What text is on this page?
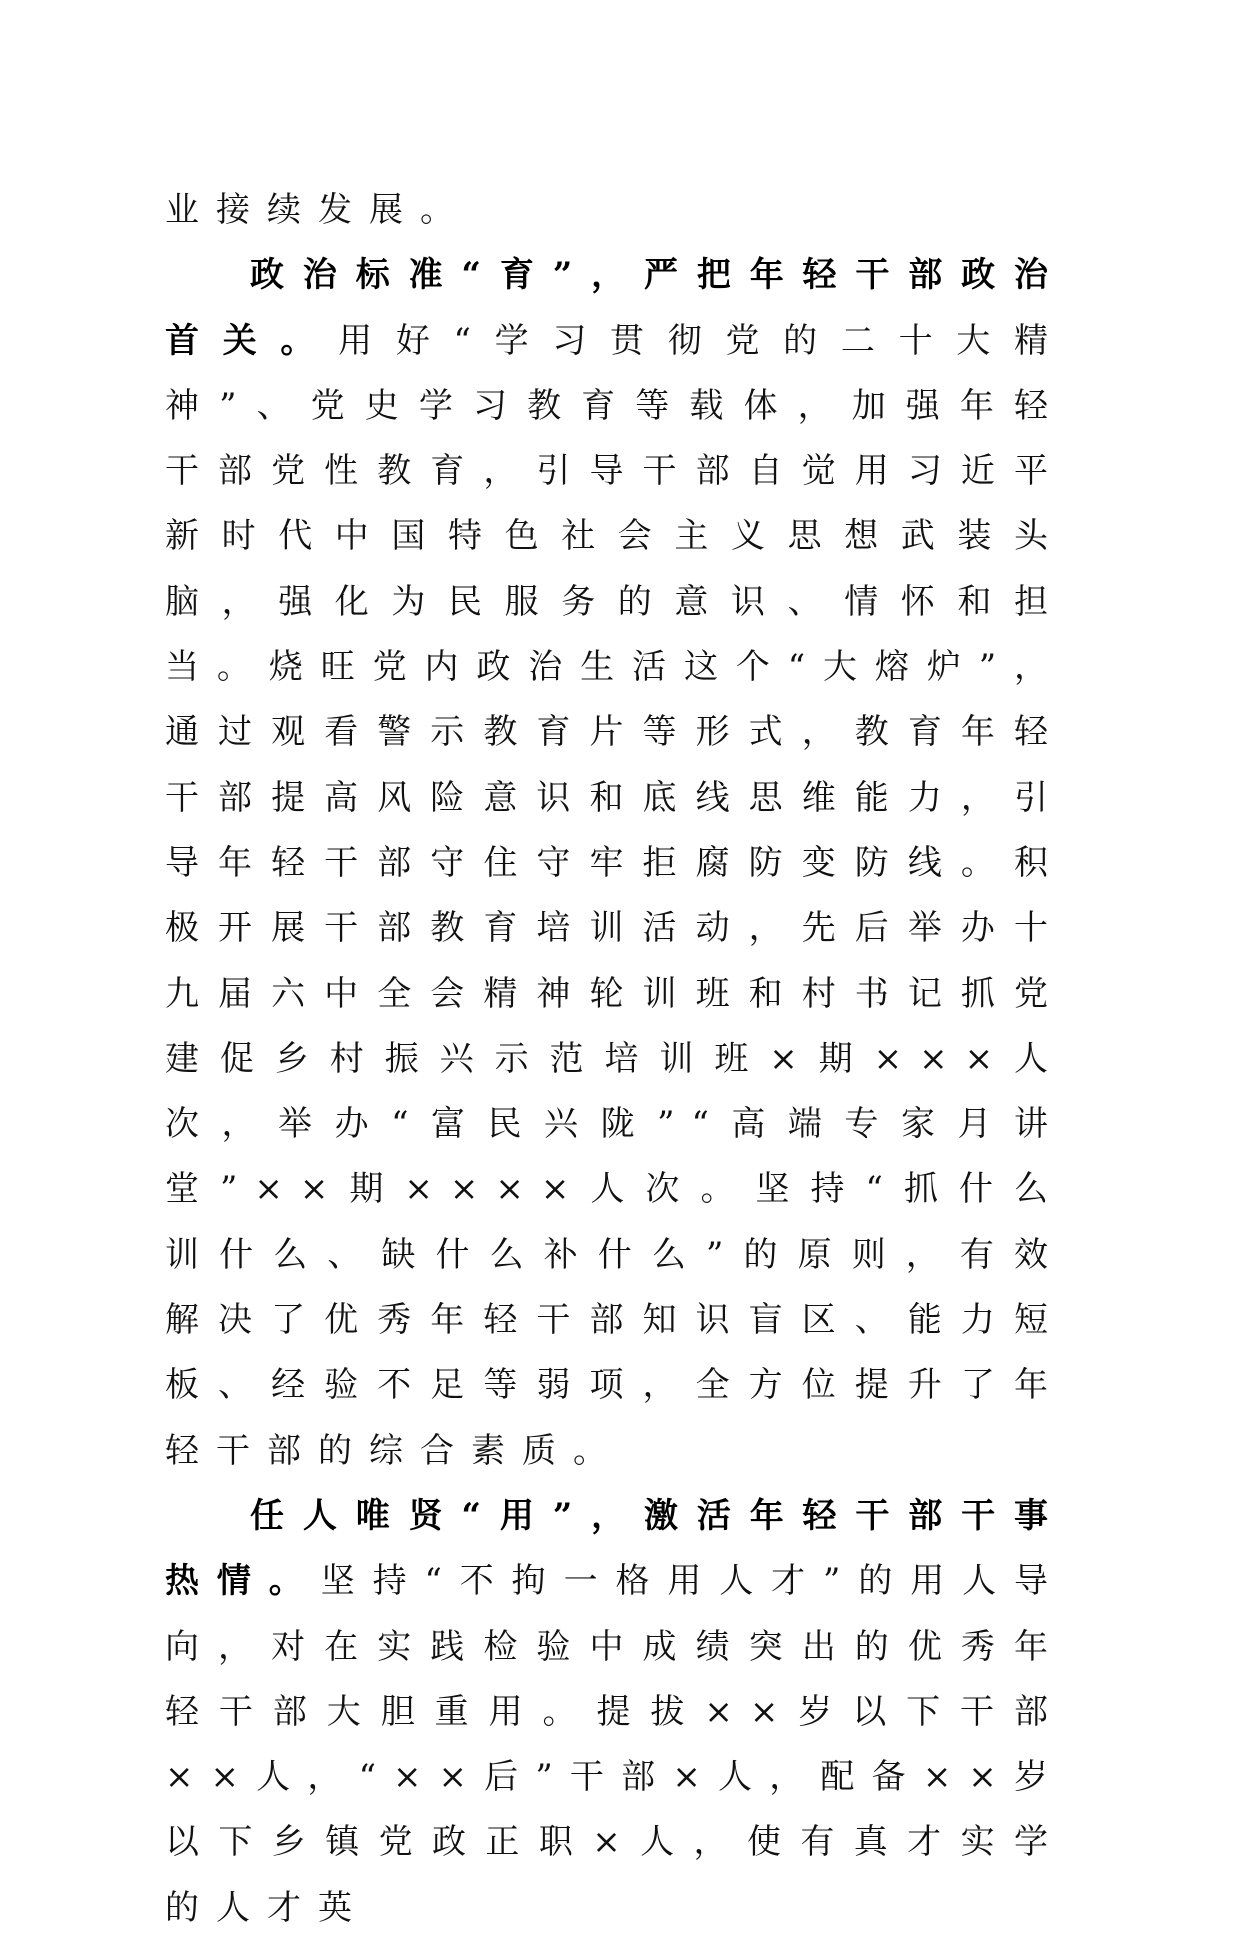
业接续发展。

政治标准“育”，严把年轻干部政治首关。用好“学习贯彻党的二十大精神”、党史学习教育等载体，加强年轻干部党性教育，引导干部自觉用习近平新时代中国特色社会主义思想武装头脑，强化为民服务的意识、情怀和担当。烧旺党内政治生活这个“大熔炉”，通过观看警示教育片等形式，教育年轻干部提高风险意识和底线思维能力，引导年轻干部守住守牢拒腐防变防线。积极开展干部教育培训活动，先后举办十九届六中全会精神轮训班和村书记抓党建促乡村振兴示范培训班×期×××人次，举办“富民兴陇”“高端专家月讲堂”××期××××人次。坚持“抓什么训什么、缺什么补什么”的原则，有效解决了优秀年轻干部知识盲区、能力短板、经验不足等弱项，全方位提升了年轻干部的综合素质。

任人唯贤“用”，激活年轻干部干事热情。坚持“不拘一格用人才”的用人导向，对在实践检验中成绩突出的优秀年轻干部大胆重用。提拔××岁以下干部××人，“××后”干部×人，配备××岁以下乡镇党政正职×人，使有真才实学的人才英
